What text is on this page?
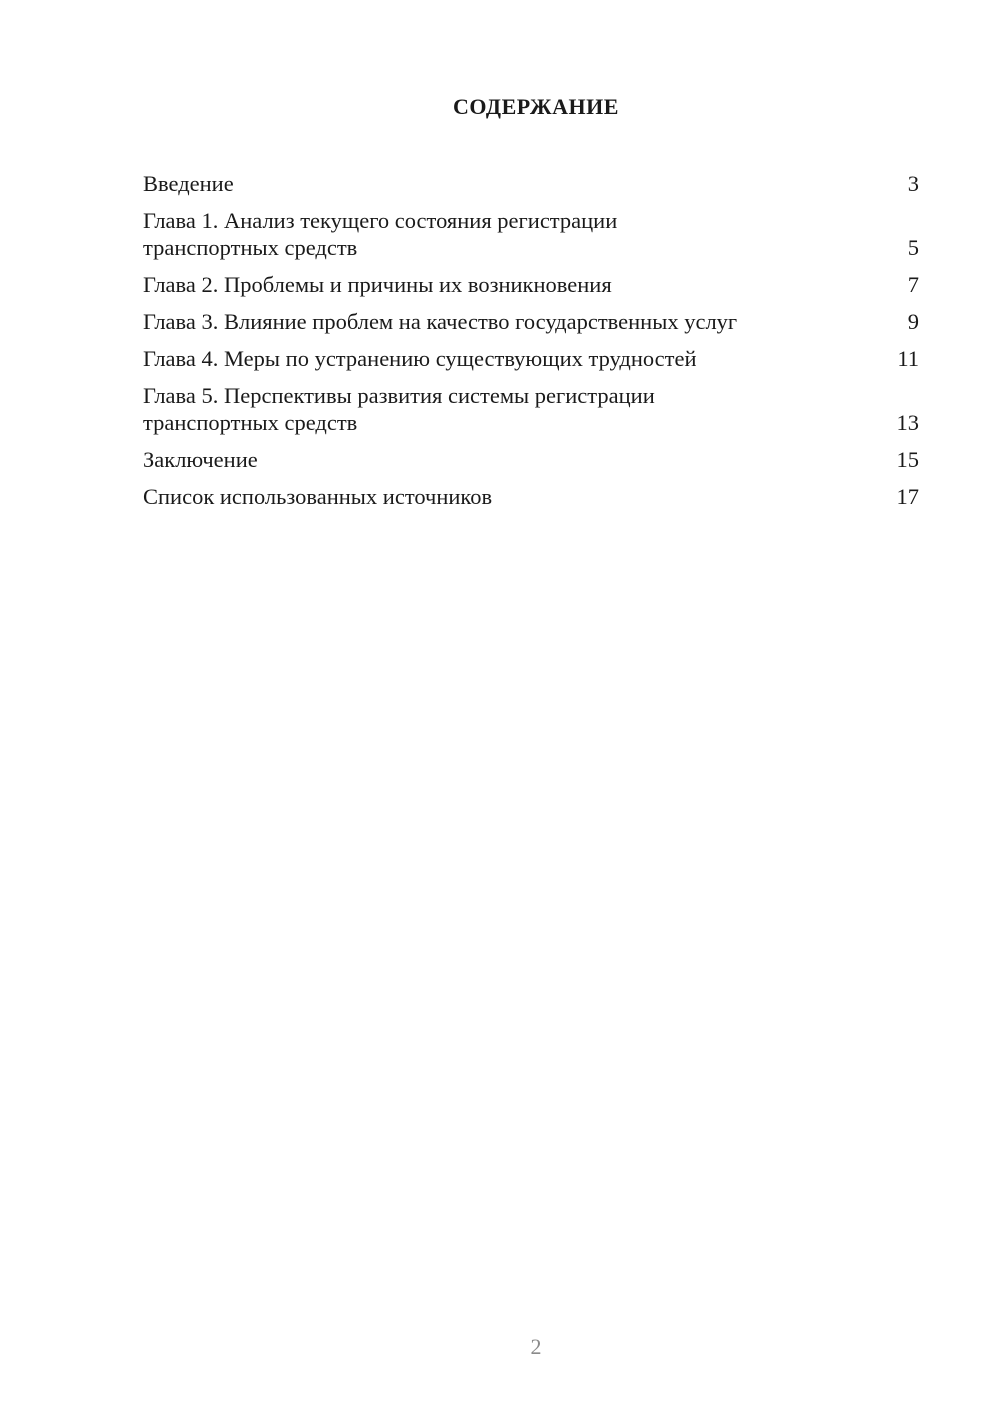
СОДЕРЖАНИЕ
Введение	3
Глава 1. Анализ текущего состояния регистрации
транспортных средств	5
Глава 2. Проблемы и причины их возникновения	7
Глава 3. Влияние проблем на качество государственных услуг	9
Глава 4. Меры по устранению существующих трудностей	11
Глава 5. Перспективы развития системы регистрации
транспортных средств	13
Заключение	15
Список использованных источников	17
2
